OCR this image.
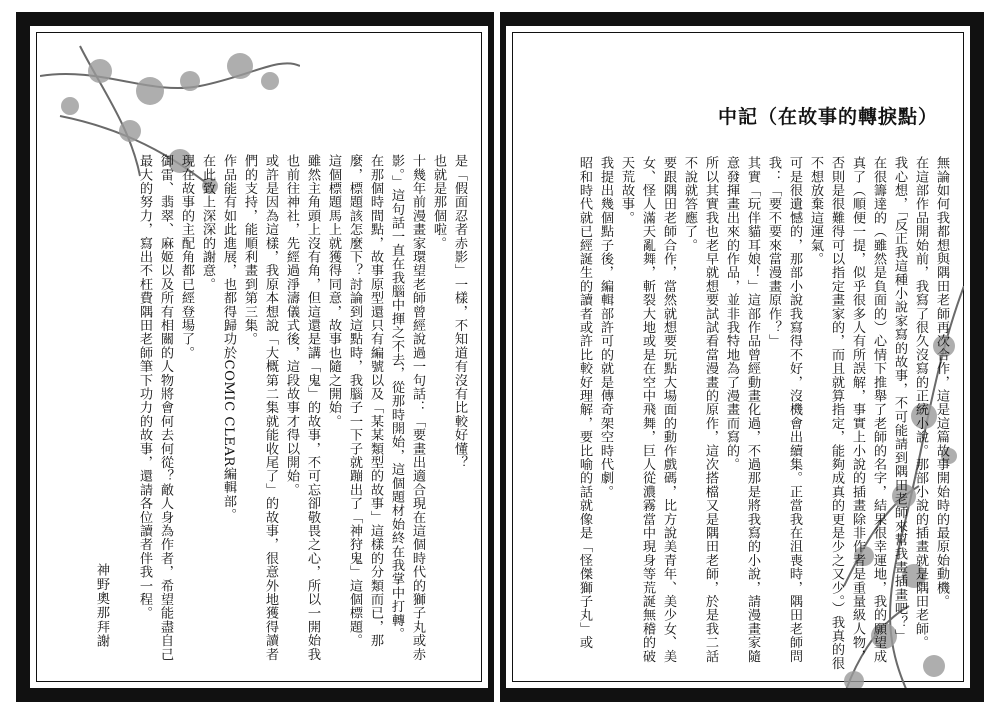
是「假面忍者赤影」一樣，不知道有沒有比較好懂？

也就是那個啦。

十幾年前漫畫家環望老師曾經說過一句話：「要畫出適合現在這個時代的獅子丸或赤影。」這句話一直在我腦中揮之不去，從那時開始，這個題材始終在我掌中打轉。

在那個時間點，故事原型還只有編號以及「某某類型的故事」這樣的分類而已，那麼，標題該怎麼下？討論到這點時，我腦子一下子就蹦出了「神狩鬼」這個標題。

這個標題馬上就獲得同意，故事也隨之開始。

雖然主角頭上沒有角，但這還是講「鬼」的故事，不可忘卻敬畏之心，所以一開始我也前往神社，先經過淨濤儀式後，這段故事才得以開始。

或許是因為這樣，我原本想說「大概第二集就能收尾了」的故事，很意外地獲得讀者們的支持，能順利畫到第三集。

作品能有如此進展，也都得歸功於COMIC CLEAR編輯部。

在此致上深深的謝意。

現在故事的主配角都已經登場了。

御雷、翡翠、麻姬以及所有相關的人物將會何去何從？敵人身為作者，希望能盡自己最大的努力，寫出不枉費隅田老師筆下功力的故事，還請各位讀者伴我一程。

神野奧那拜謝
中記（在故事的轉捩點）

無論如何我都想與隅田老師再次合作，這是這篇故事開始時的最原始動機。

在這部作品開始前，我寫了很久沒寫的正統小說。那部小說的插畫就是隅田老師。

我心想，「反正我這種小說家寫的故事，不可能請到隅田老師來幫我畫插畫吧？」

在很籌達的（雖然是負面的）心情下推舉了老師的名字，結果很幸運地，我的願望成真了（順便一提，似乎很多人有所誤解，事實上小說的插畫除非作者是重量級人物，

否則是很難得可以指定畫家的，而且就算指定，能夠成真的更是少之又少。）我真的很不想放棄這運氣。

可是很遺憾的，那部小說我寫得不好，沒機會出續集。正當我在沮喪時，隅田老師問我：「要不要來當漫畫原作？」

其實「玩伴貓耳娘！」這部作品曾經動畫化過，不過那是將我寫的小說，請漫畫家隨意發揮畫出來的作品，並非我特地為了漫畫而寫的。

所以其實我也老早就想要試試看當漫畫的原作，這次搭檔又是隅田老師，於是我二話不說就答應了。

要跟隅田老師合作，當然就想要玩點大場面的動作戲碼，比方說美青年、美少女、美女、怪人滿天亂舞，斬裂大地或是在空中飛舞，巨人從濃霧當中現身等荒誕無稽的破天荒故事。

我提出幾個點子後，編輯部許可的就是傳奇架空時代劇。

昭和時代就已經誕生的讀者或許比較好理解，要比喻的話就像是「怪傑獅子丸」或
